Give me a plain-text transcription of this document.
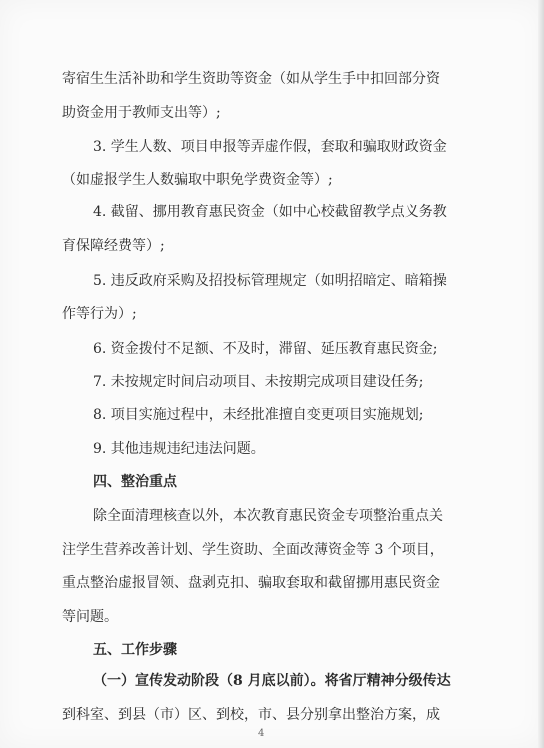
寄宿生生活补助和学生资助等资金（如从学生手中扣回部分资
助资金用于教师支出等）;
3. 学生人数、项目申报等弄虚作假，套取和骗取财政资金
（如虚报学生人数骗取中职免学费资金等）;
4. 截留、挪用教育惠民资金（如中心校截留教学点义务教
育保障经费等）;
5. 违反政府采购及招投标管理规定（如明招暗定、暗箱操
作等行为）;
6. 资金拨付不足额、不及时，滞留、延压教育惠民资金;
7. 未按规定时间启动项目、未按期完成项目建设任务;
8. 项目实施过程中，未经批准擅自变更项目实施规划;
9. 其他违规违纪违法问题。
四、整治重点
除全面清理核查以外，本次教育惠民资金专项整治重点关
注学生营养改善计划、学生资助、全面改薄资金等 3 个项目，
重点整治虚报冒领、盘剥克扣、骗取套取和截留挪用惠民资金
等问题。
五、工作步骤
（一）宣传发动阶段（8 月底以前）。将省厅精神分级传达
到科室、到县（市）区、到校，市、县分别拿出整治方案，成
4
